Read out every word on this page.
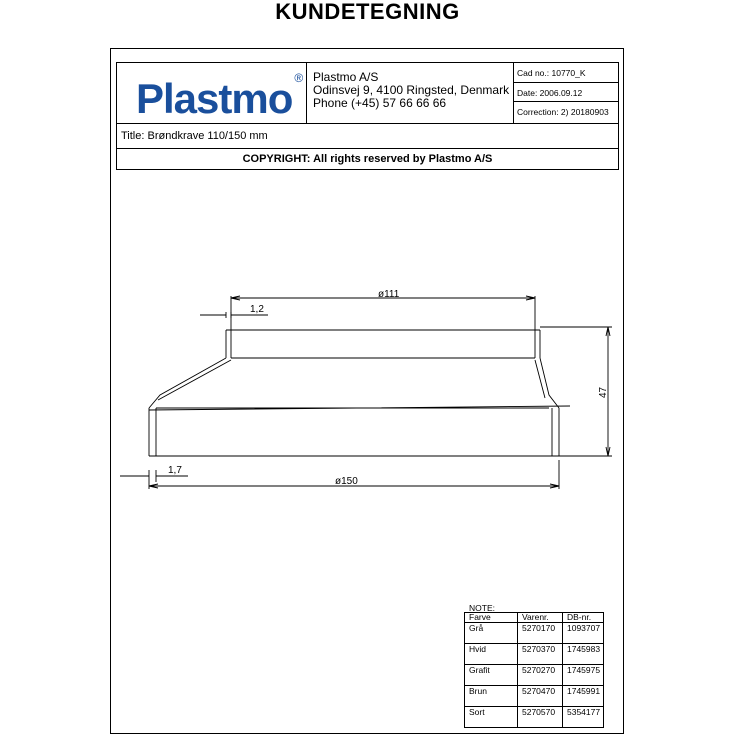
KUNDETEGNING
Plastmo ® Plastmo A/S
Odinsvej 9, 4100 Ringsted, Denmark
Phone (+45) 57 66 66 66
Cad no.: 10770_K
Date: 2006.09.12
Correction: 2) 20180903
Title: Brøndkrave 110/150 mm
COPYRIGHT: All rights reserved by Plastmo A/S
ø111
1,2
47
1,7
ø150
NOTE:
Farve	Varenr.	DB-nr.
Grå	5270170	1093707
Hvid	5270370	1745983
Grafit	5270270	1745975
Brun	5270470	1745991
Sort	5270570	5354177
